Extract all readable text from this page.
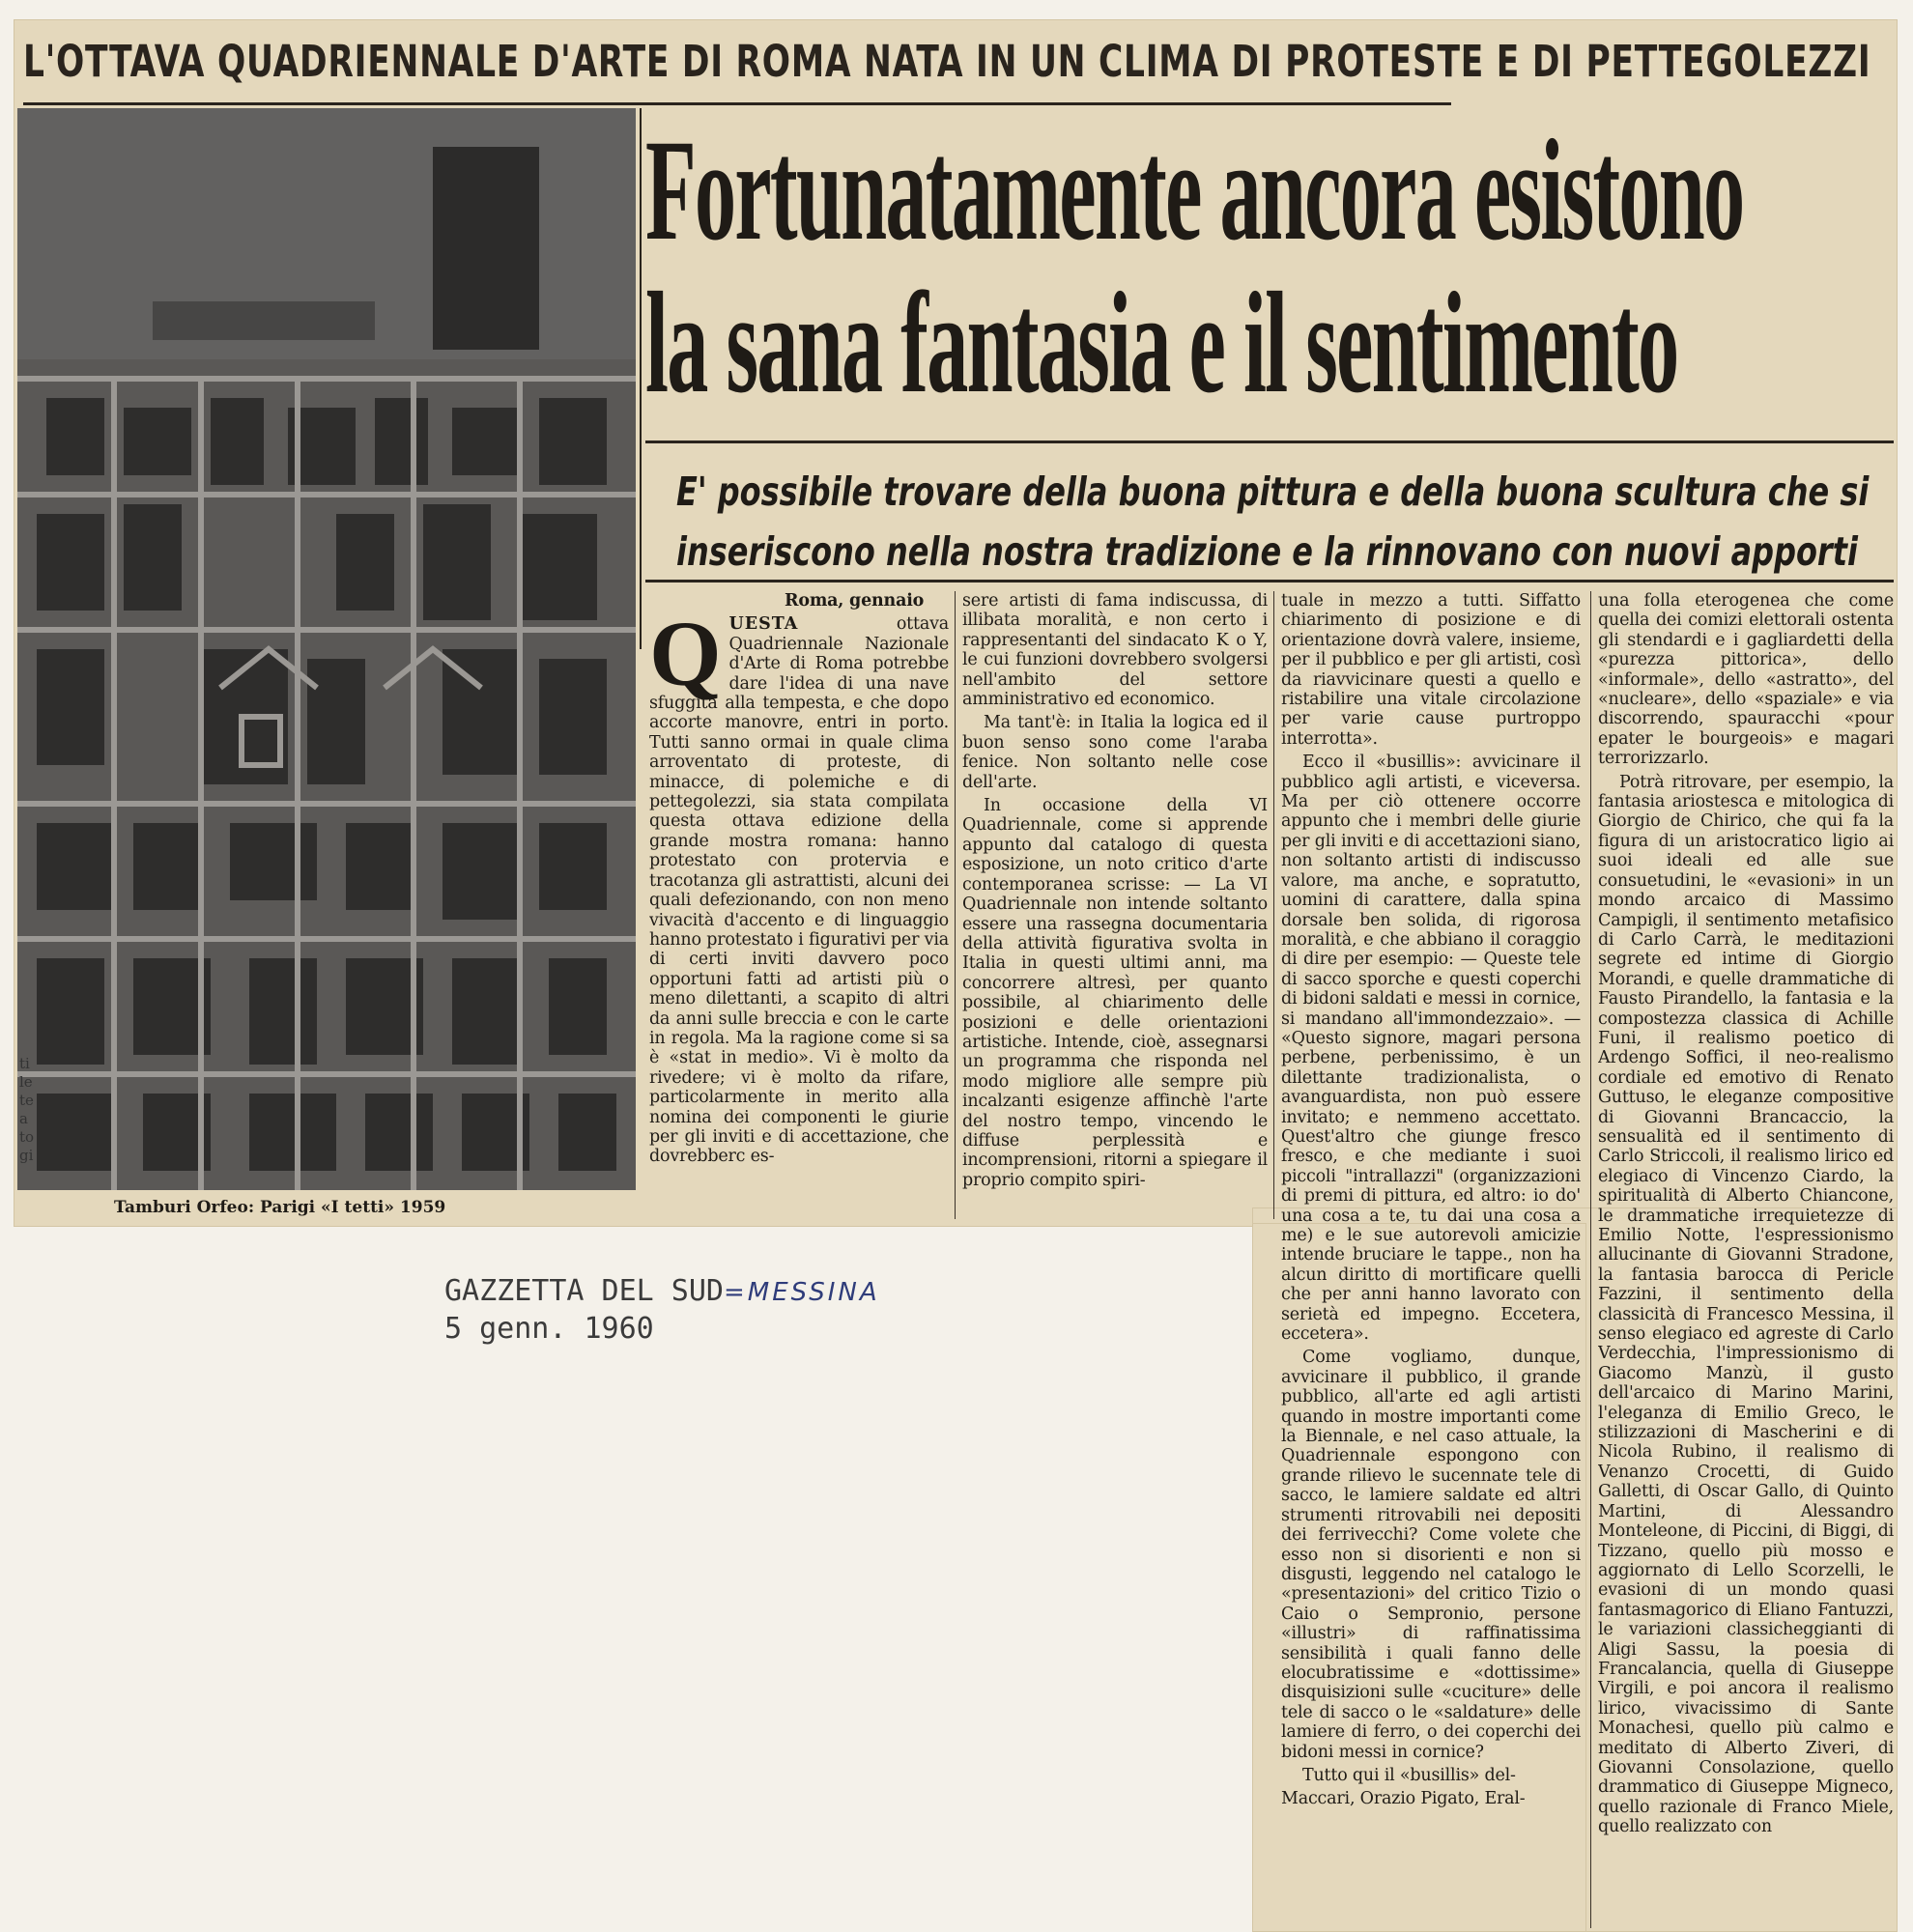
L'OTTAVA QUADRIENNALE D'ARTE DI ROMA NATA IN UN CLIMA DI PROTESTE E DI PETTEGOLEZZI
ti
le
te
a
to
gi
Tamburi Orfeo: Parigi «I tetti» 1959
Fortunatamente ancora esistono
la sana fantasia e il sentimento
E' possibile trovare della buona pittura e della buona scultura che si
inseriscono nella nostra tradizione e la rinnovano con nuovi apporti
Roma, gennaio

QUESTA	ottava Quadriennale Nazionale d'Arte di Roma potrebbe dare l'idea di una nave sfuggita alla tempesta, e che dopo accorte manovre, entri in porto. Tutti sanno ormai in quale clima arroventato di proteste, di minacce, di polemiche e di pettegolezzi, sia stata compilata questa ottava edizione della grande mostra romana: hanno protestato con protervia e tracotanza gli astrattisti, alcuni dei quali defezionando, con non meno vivacità d'accento e di linguaggio hanno protestato i figurativi per via di certi inviti davvero poco opportuni fatti ad artisti più o meno dilettanti, a scapito di altri da anni sulle breccia e con le carte in regola. Ma la ragione come si sa è «stat in medio». Vi è molto da rivedere; vi è molto da rifare, particolarmente in merito alla nomina dei componenti le giurie per gli inviti e di accettazione, che dovrebberc es-

sere artisti di fama indiscussa, di illibata moralità, e non certo i rappresentanti del sindacato K o Y, le cui funzioni dovrebbero svolgersi nell'ambito del settore amministrativo ed economico.

Ma tant'è: in Italia la logica ed il buon senso sono come l'araba fenice. Non soltanto nelle cose dell'arte.

In occasione della VI Quadriennale, come si apprende appunto dal catalogo di questa esposizione, un noto critico d'arte contemporanea scrisse: — La VI Quadriennale non intende soltanto essere una rassegna documentaria della attività figurativa svolta in Italia in questi ultimi anni, ma concorrere altresì, per quanto possibile, al chiarimento delle posizioni e delle orientazioni artistiche. Intende, cioè, assegnarsi un programma che risponda nel modo migliore alle sempre più incalzanti esigenze affinchè l'arte del nostro tempo, vincendo le diffuse perplessità e incomprensioni, ritorni a spiegare il proprio compito spiri-

tuale in mezzo a tutti. Siffatto chiarimento di posizione e di orientazione dovrà valere, insieme, per il pubblico e per gli artisti, così da riavvicinare questi a quello e ristabilire una vitale circolazione per varie cause purtroppo interrotta».

Ecco il «busillis»: avvicinare il pubblico agli artisti, e viceversa. Ma per ciò ottenere occorre appunto che i membri delle giurie per gli inviti e di accettazioni siano, non soltanto artisti di indiscusso valore, ma anche, e sopratutto, uomini di carattere, dalla spina dorsale ben solida, di rigorosa moralità, e che abbiano il coraggio di dire per esempio: — Queste tele di sacco sporche e questi coperchi di bidoni saldati e messi in cornice, si mandano all'immondezzaio». — «Questo signore, magari persona perbene, perbenissimo, è un dilettante tradizionalista, o avanguardista, non può essere invitato; e nemmeno accettato. Quest'altro che giunge fresco fresco, e che mediante i suoi piccoli "intrallazzi" (organizzazioni di premi di pittura, ed altro: io do' una cosa a te, tu dai una cosa a me) e le sue autorevoli amicizie intende bruciare le tappe., non ha alcun diritto di mortificare quelli che per anni hanno lavorato con serietà ed impegno. Eccetera, eccetera».

Come vogliamo, dunque, avvicinare il pubblico, il grande pubblico, all'arte ed agli artisti quando in mostre importanti come la Biennale, e nel caso attuale, la Quadriennale espongono con grande rilievo le sucennate tele di sacco, le lamiere saldate ed altri strumenti ritrovabili nei depositi dei ferrivecchi? Come volete che esso non si disorienti e non si disgusti, leggendo nel catalogo le «presentazioni» del critico Tizio o Caio o Sempronio, persone «illustri» di raffinatissima sensibilità i quali fanno delle elocubratissime e «dottissime» disquisizioni sulle «cuciture» delle tele di sacco o le «saldature» delle lamiere di ferro, o dei coperchi dei bidoni messi in cornice?

Tutto qui il «busillis» del-

Maccari, Orazio Pigato, Eral-

una folla eterogenea che come quella dei comizi elettorali ostenta gli stendardi e i gagliardetti della «purezza pittorica», dello «informale», dello «astratto», del «nucleare», dello «spaziale» e via discorrendo, spauracchi «pour epater le bourgeois» e magari terrorizzarlo.

Potrà ritrovare, per esempio, la fantasia ariostesca e mitologica di Giorgio de Chirico, che qui fa la figura di un aristocratico ligio ai suoi ideali ed alle sue consuetudini, le «evasioni» in un mondo arcaico di Massimo Campigli, il sentimento metafisico di Carlo Carrà, le meditazioni segrete ed intime di Giorgio Morandi, e quelle drammatiche di Fausto Pirandello, la fantasia e la compostezza classica di Achille Funi, il realismo poetico di Ardengo Soffici, il neo-realismo cordiale ed emotivo di Renato Guttuso, le eleganze compositive di Giovanni Brancaccio, la sensualità ed il sentimento di Carlo Striccoli, il realismo lirico ed elegiaco di Vincenzo Ciardo, la spiritualità di Alberto Chiancone, le drammatiche irrequietezze di Emilio Notte, l'espressionismo allucinante di Giovanni Stradone, la fantasia barocca di Pericle Fazzini, il sentimento della classicità di Francesco Messina, il senso elegiaco ed agreste di Carlo Verdecchia, l'impressionismo di Giacomo Manzù, il gusto dell'arcaico di Marino Marini, l'eleganza di Emilio Greco, le stilizzazioni di Mascherini e di Nicola Rubino, il realismo di Venanzo Crocetti, di Guido Galletti, di Oscar Gallo, di Quinto Martini, di Alessandro Monteleone, di Piccini, di Biggi, di Tizzano, quello più mosso e aggiornato di Lello Scorzelli, le evasioni di un mondo quasi fantasmagorico di Eliano Fantuzzi, le variazioni classicheggianti di Aligi Sassu, la poesia di Francalancia, quella di Giuseppe Virgili, e poi ancora il realismo lirico, vivacissimo di Sante Monachesi, quello più calmo e meditato di Alberto Ziveri, di Giovanni Consolazione, quello drammatico di Giuseppe Migneco, quello razionale di Franco Miele, quello realizzato con

GAZZETTA DEL SUD=MESSINA
5 genn. 1960
